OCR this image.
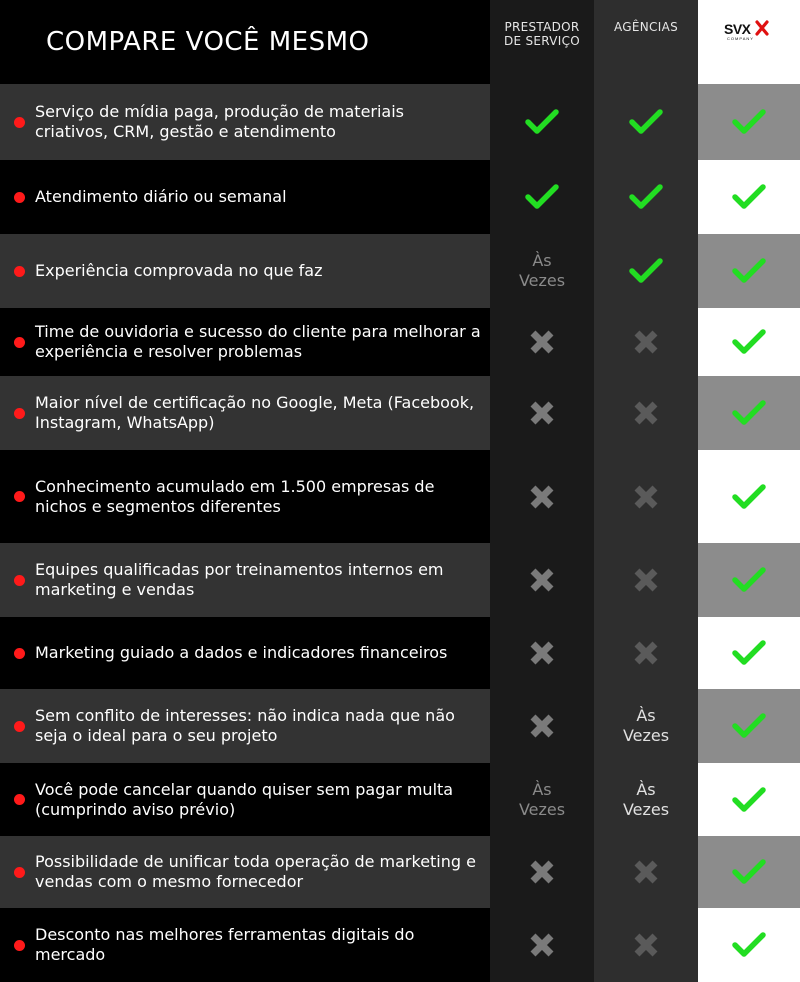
COMPARE VOCÊ MESMO	PRESTADOR DE SERVIÇO
AGÊNCIAS	SVX
COMPANY
Serviço de mídia paga, produção de materiais criativos, CRM, gestão e atendimento
Atendimento diário ou semanal
Experiência comprovada no que faz
Às Vezes
Time de ouvidoria e sucesso do cliente para melhorar a experiência e resolver problemas
Maior nível de certificação no Google, Meta (Facebook, Instagram, WhatsApp)
Conhecimento acumulado em 1.500 empresas de nichos e segmentos diferentes
Equipes qualificadas por treinamentos internos em marketing e vendas
Marketing guiado a dados e indicadores financeiros
Sem conflito de interesses: não indica nada que não seja o ideal para o seu projeto
Às Vezes
Você pode cancelar quando quiser sem pagar multa (cumprindo aviso prévio)
Às Vezes
Às Vezes
Possibilidade de unificar toda operação de marketing e vendas com o mesmo fornecedor
Desconto nas melhores ferramentas digitais do mercado
